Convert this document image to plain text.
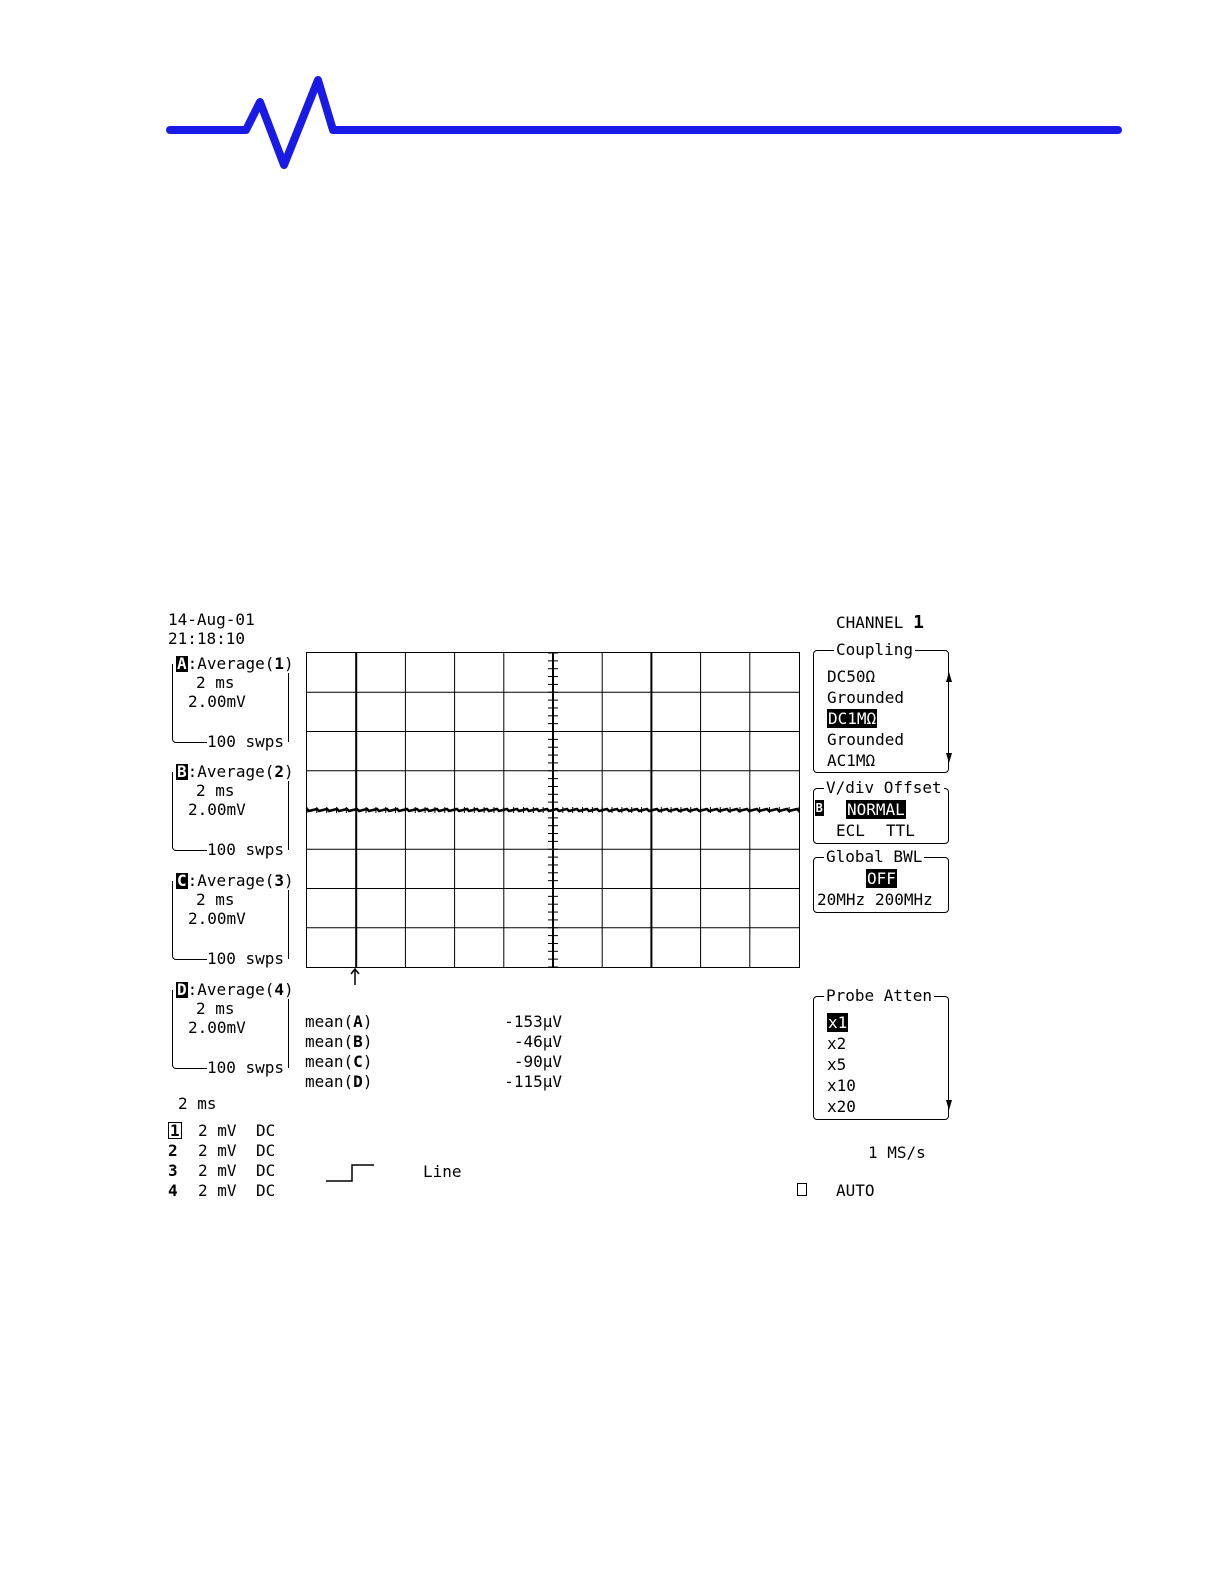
14-Aug-01
21:18:10
A:Average(1)
2 ms
2.00mV
100 swps
B:Average(2)
2 ms
2.00mV
100 swps
C:Average(3)
2 ms
2.00mV
100 swps
D:Average(4)
2 ms
2.00mV
100 swps

B

mean(A)	-153µV
mean(B)	-46µV
mean(C)	-90µV
mean(D)	-115µV
2 ms
1 2 mV DC
2 2 mV DC
3 2 mV DC
4 2 mV DC
Line
1 MS/s
AUTO
CHANNEL 1
Coupling
DC50Ω
Grounded
DC1MΩ
Grounded
AC1MΩ
V/div Offset
NORMAL
ECL TTL
Global BWL
OFF
20MHz 200MHz
Probe Atten
x1
x2
x5
x10
x20
